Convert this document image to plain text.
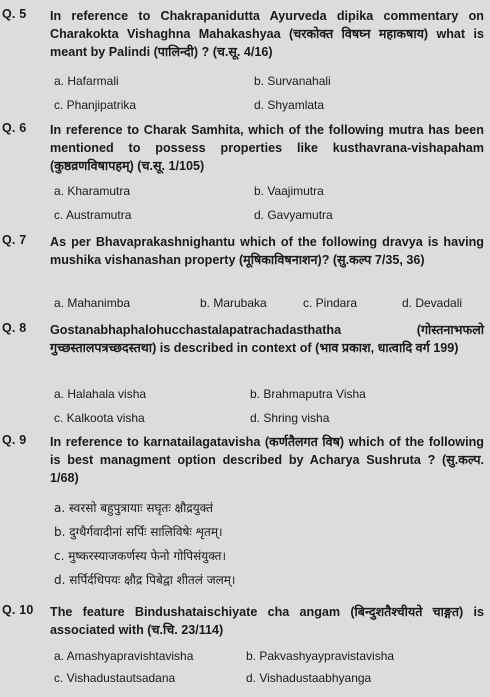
Q. 5 In reference to Chakrapanidutta Ayurveda dipika commentary on Charakokta Vishaghna Mahakashyaa (चरकोक्त विषघ्न महाकषाय) what is meant by Palindi (पालिन्दी) ? (च.सू. 4/16)
a. Hafarmali	b. Survanahali
c. Phanjipatrika	d. Shyamlata
Q. 6 In reference to Charak Samhita, which of the following mutra has been mentioned to possess properties like kusthavrana-vishapaham (कुष्ठव्रणविषापहम्) (च.सू. 1/105)
a. Kharamutra	b. Vaajimutra
c. Austramutra	d. Gavyamutra
Q. 7 As per Bhavaprakashnighantu which of the following dravya is having mushika vishanashan property (मूषिकाविषनाशन)? (सु.कल्प 7/35, 36)
a. Mahanimba	b. Marubaka	c. Pindara	d. Devadali
Q. 8 Gostanabhaphalohucchastalapatrachadasthatha (गोस्तनाभफलो गुच्छस्तालपत्रच्छदस्तथा) is described in context of (भाव प्रकाश, धात्वादि वर्ग 199)
a. Halahala visha	b. Brahmaputra Visha
c. Kalkoota visha	d. Shring visha
Q. 9 In reference to karnatailagatavisha (कर्णतैलगत विष) which of the following is best managment option described by Acharya Sushruta ? (सु.कल्प. 1/68)
a. स्वरसो बहुपुत्रायाः सघृतः क्षौद्रयुक्तं
b. दुग्धैर्गवादीनां सर्पिः सालिविषेः शृतम्।
c. मुष्करस्याजकर्णस्य फेनो गोपिसंयुक्त।
d. सर्पिर्दधिपयः क्षौद्र पिबेद्वा शीतलं जलम्।
Q. 10 The feature Bindushataischiyate cha angam (बिन्दुशतैश्चीयते चाङ्गत) is associated with (च.चि. 23/114)
a. Amashyapravishtavisha	b. Pakvashyaypravistavisha
c. Vishadustautsadana	d. Vishadustaabhyanga
